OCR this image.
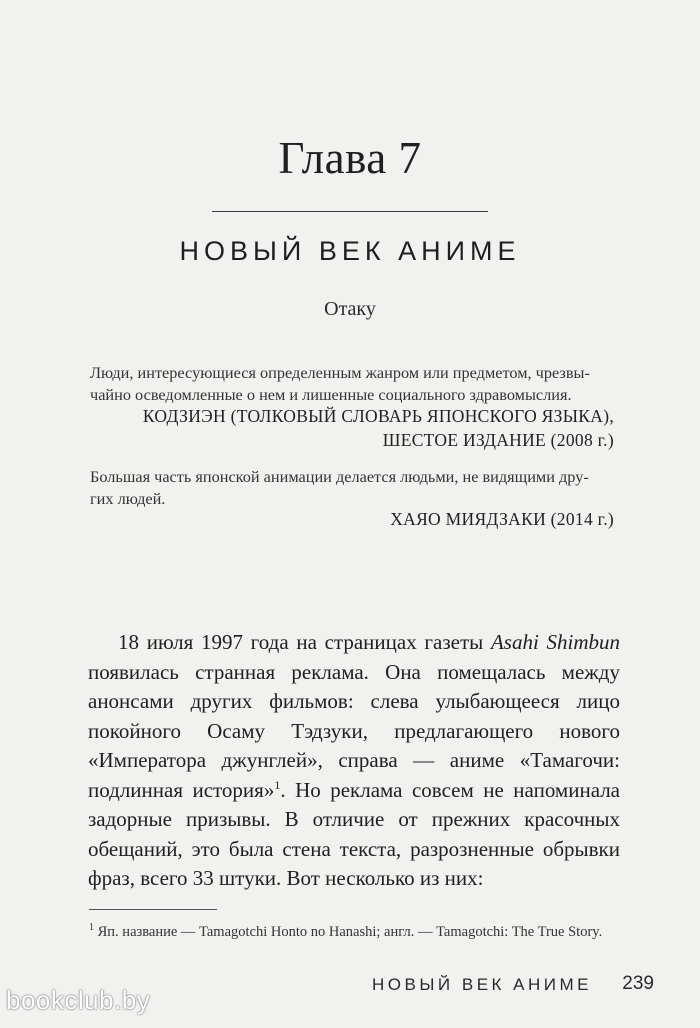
Глава 7
НОВЫЙ ВЕК АНИМЕ
Отаку
Люди, интересующиеся определенным жанром или предметом, чрезвы-
чайно осведомленные о нем и лишенные социального здравомыслия.
КОДЗИЭН (ТОЛКОВЫЙ СЛОВАРЬ ЯПОНСКОГО ЯЗЫКА),
ШЕСТОЕ ИЗДАНИЕ (2008 г.)
Большая часть японской анимации делается людьми, не видящими дру-
гих людей.
ХАЯО МИЯДЗАКИ (2014 г.)

18 июля 1997 года на страницах газеты Asahi Shimbun появилась странная реклама. Она помещалась между анонсами других фильмов: слева улыбающееся лицо покойного Осаму Тэдзуки, предлагающего нового «Императора джунглей», справа — аниме «Тамагочи: подлинная история»$^1$. Но реклама совсем не напоминала задорные призывы. В отличие от прежних красочных обещаний, это была стена текста, разрозненные обрывки фраз, всего 33 штуки. Вот несколько из них:

$^1$ Яп. название — Tamagotchi Honto no Hanashi; англ. — Tamagotchi: The True Story.
НОВЫЙ ВЕК АНИМЕ 239
bookclub.by
